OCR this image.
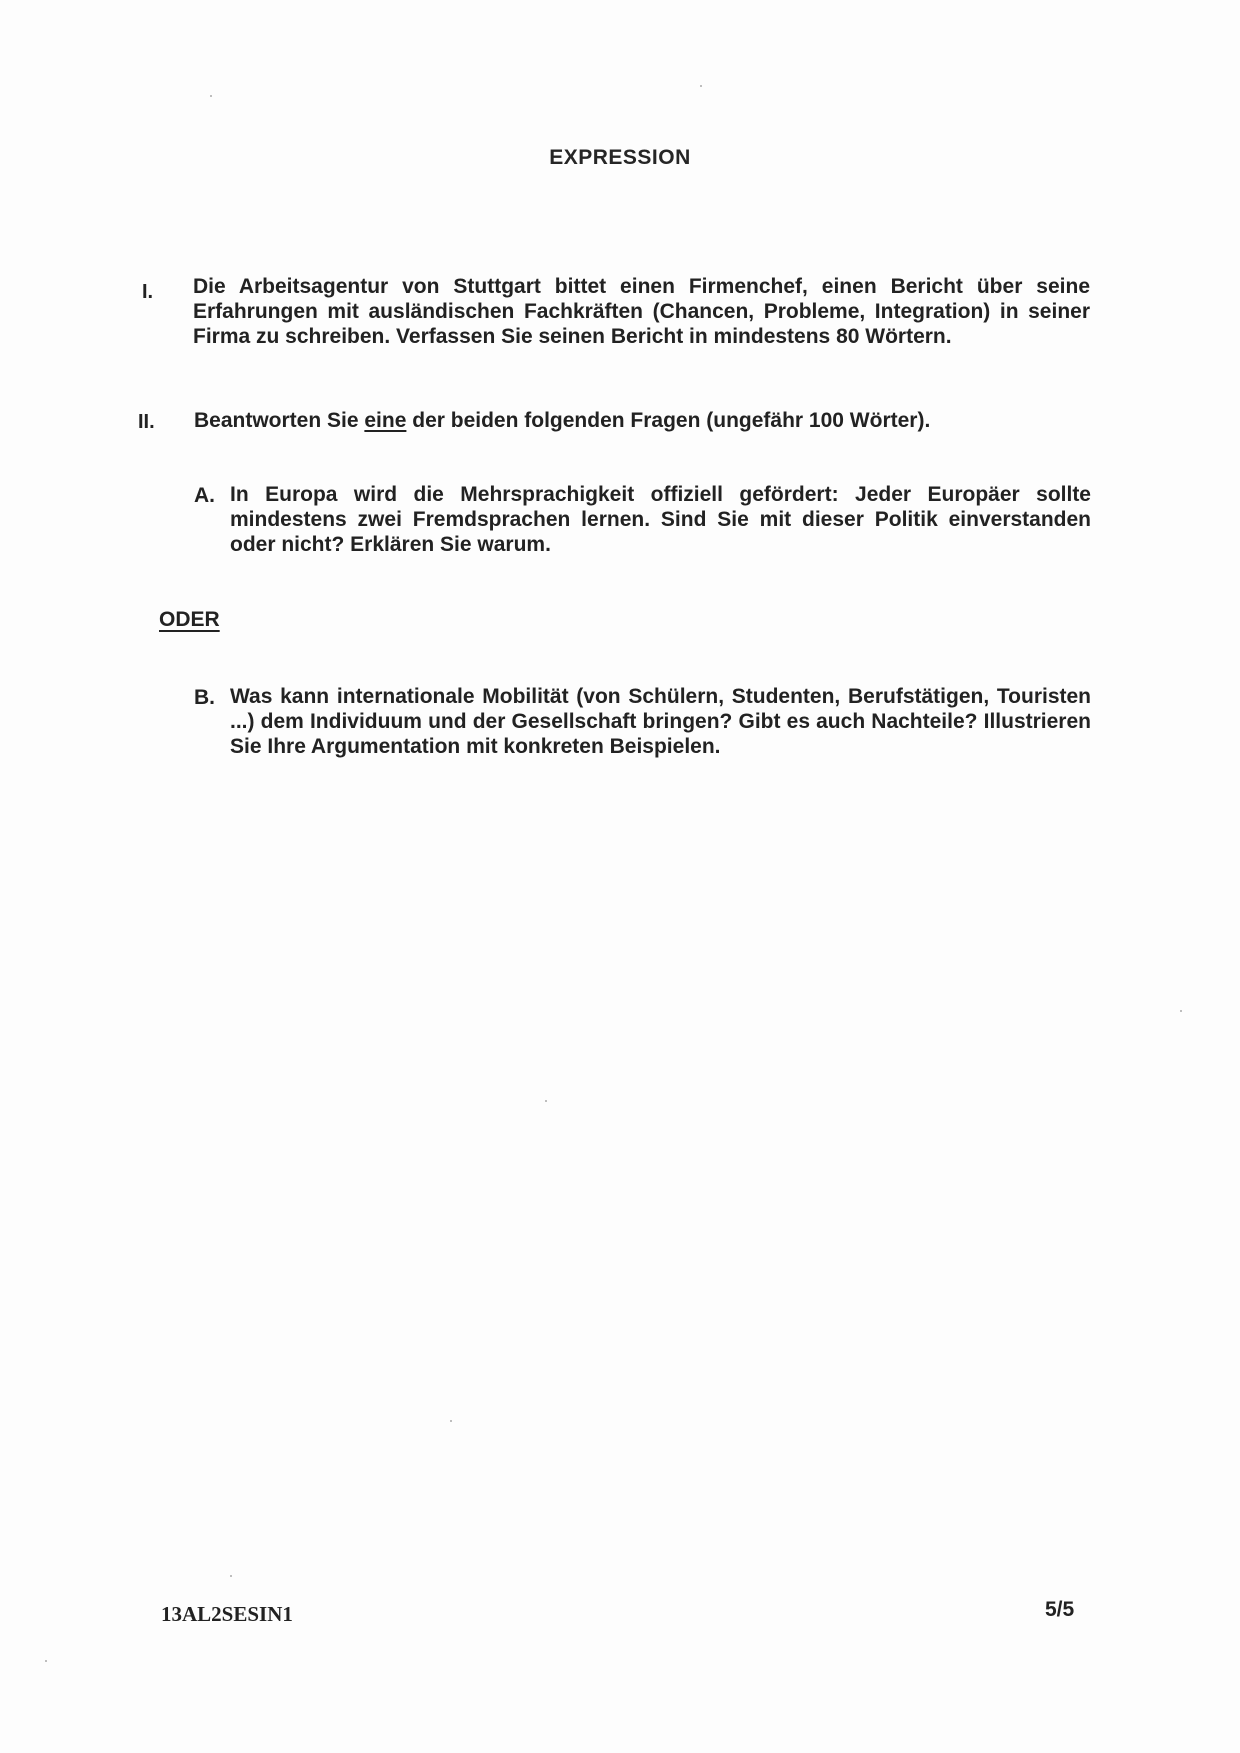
EXPRESSION
I. Die Arbeitsagentur von Stuttgart bittet einen Firmenchef, einen Bericht über seine Erfahrungen mit ausländischen Fachkräften (Chancen, Probleme, Integration) in seiner Firma zu schreiben. Verfassen Sie seinen Bericht in mindestens 80 Wörtern.
II. Beantworten Sie eine der beiden folgenden Fragen (ungefähr 100 Wörter).
A. In Europa wird die Mehrsprachigkeit offiziell gefördert: Jeder Europäer sollte mindestens zwei Fremdsprachen lernen. Sind Sie mit dieser Politik einverstanden oder nicht? Erklären Sie warum.
ODER
B. Was kann internationale Mobilität (von Schülern, Studenten, Berufstätigen, Touristen ...) dem Individuum und der Gesellschaft bringen? Gibt es auch Nachteile? Illustrieren Sie Ihre Argumentation mit konkreten Beispielen.
13AL2SESIN1	5/5
